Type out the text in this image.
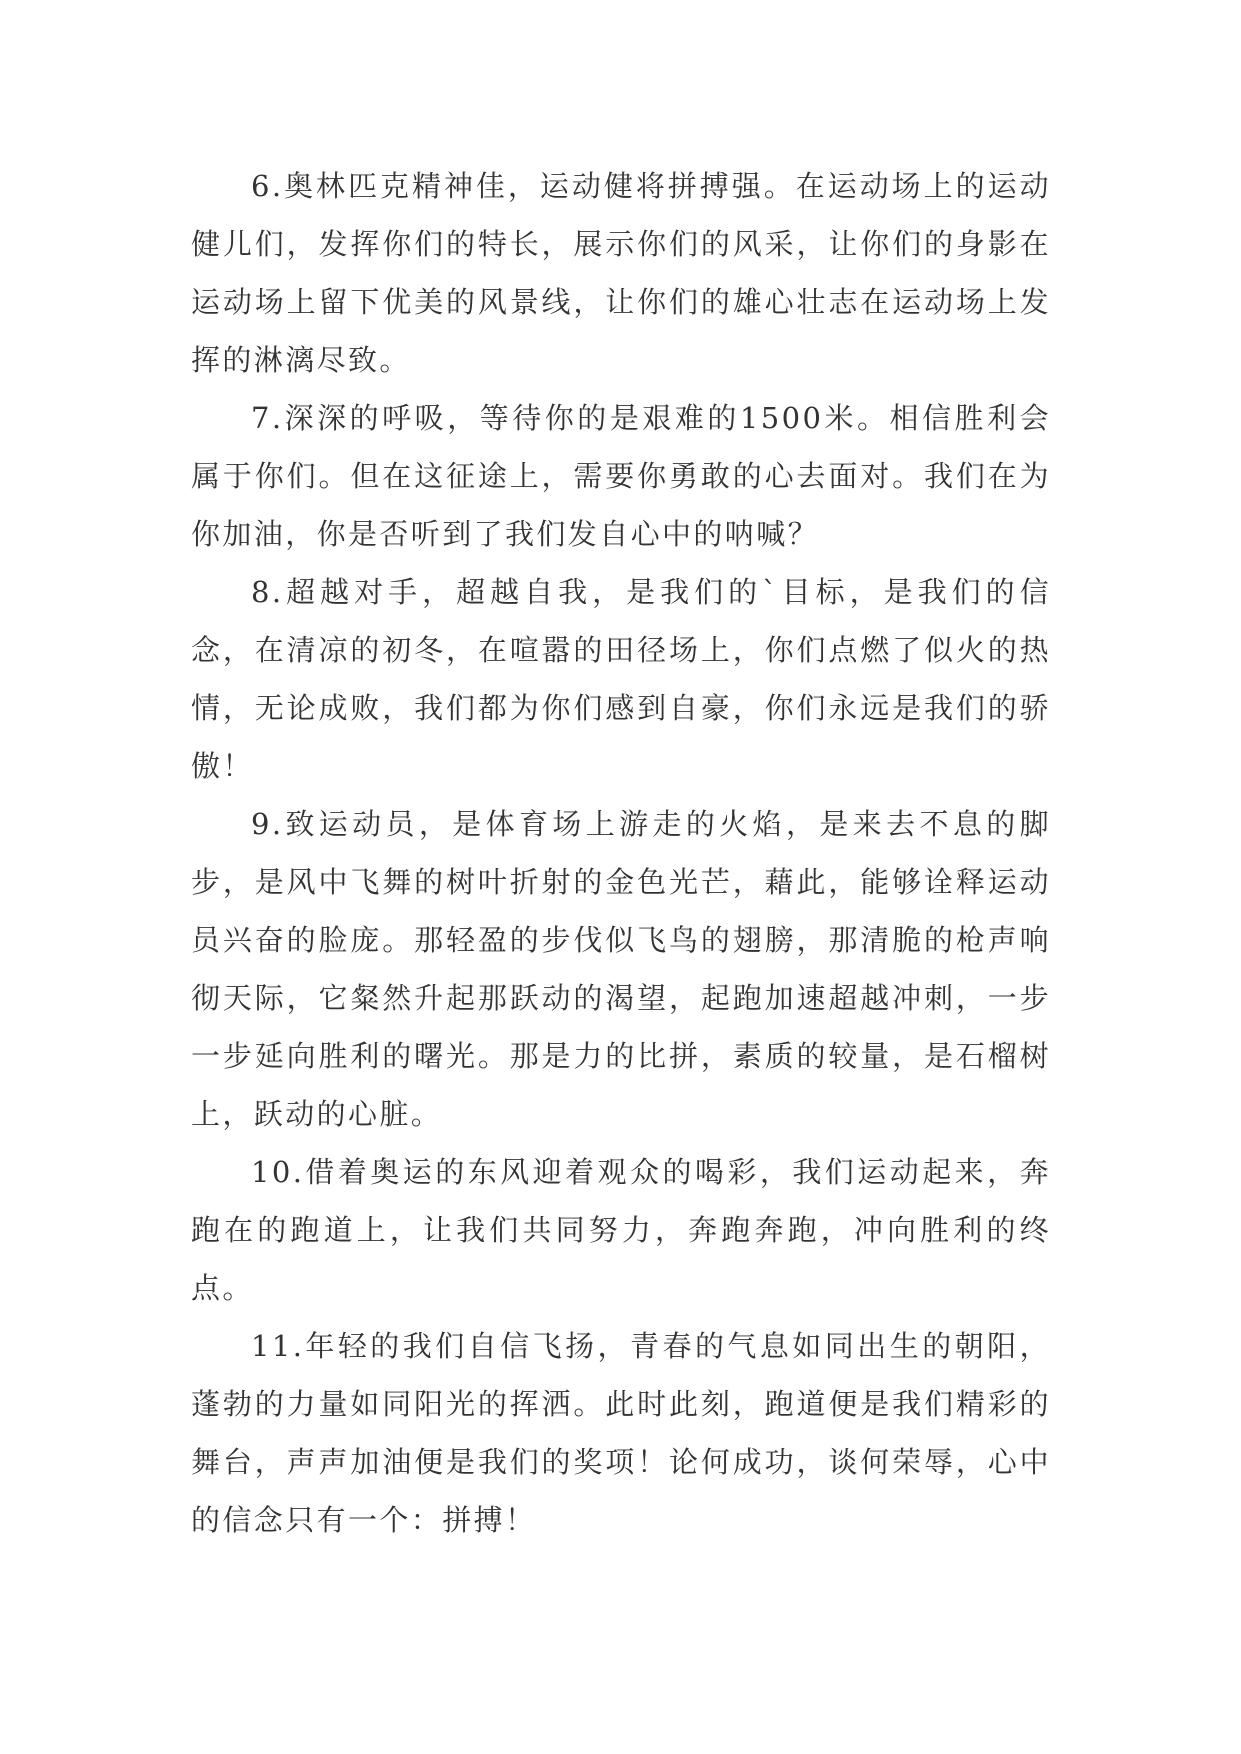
6.奥林匹克精神佳，运动健将拼搏强。在运动场上的运动健儿们，发挥你们的特长，展示你们的风采，让你们的身影在运动场上留下优美的风景线，让你们的雄心壮志在运动场上发挥的淋漓尽致。

7.深深的呼吸，等待你的是艰难的1500米。相信胜利会属于你们。但在这征途上，需要你勇敢的心去面对。我们在为你加油，你是否听到了我们发自心中的呐喊？

8.超越对手，超越自我，是我们的`目标，是我们的信念，在清凉的初冬，在喧嚣的田径场上，你们点燃了似火的热情，无论成败，我们都为你们感到自豪，你们永远是我们的骄傲！

9.致运动员，是体育场上游走的火焰，是来去不息的脚步，是风中飞舞的树叶折射的金色光芒，藉此，能够诠释运动员兴奋的脸庞。那轻盈的步伐似飞鸟的翅膀，那清脆的枪声响彻天际，它粲然升起那跃动的渴望，起跑加速超越冲刺，一步一步延向胜利的曙光。那是力的比拼，素质的较量，是石榴树上，跃动的心脏。

10.借着奥运的东风迎着观众的喝彩，我们运动起来，奔跑在的跑道上，让我们共同努力，奔跑奔跑，冲向胜利的终点。

11.年轻的我们自信飞扬，青春的气息如同出生的朝阳，蓬勃的力量如同阳光的挥洒。此时此刻，跑道便是我们精彩的舞台，声声加油便是我们的奖项！论何成功，谈何荣辱，心中的信念只有一个：拼搏！
